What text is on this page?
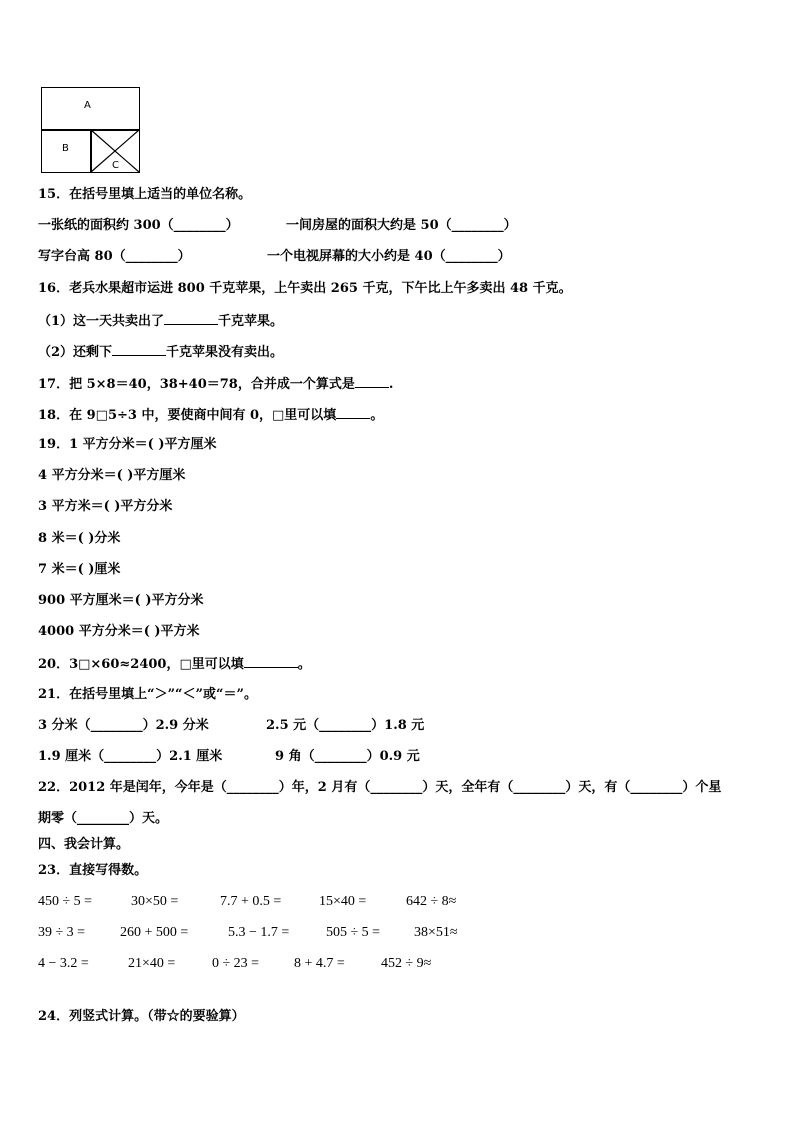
A
B
C
15．在括号里填上适当的单位名称。
一张纸的面积约 300（________）	一间房屋的面积大约是 50（________）
写字台高 80（________）	一个电视屏幕的大小约是 40（________）
16．老兵水果超市运进 800 千克苹果，上午卖出 265 千克，下午比上午多卖出 48 千克。
（1）这一天共卖出了	千克苹果。
（2）还剩下	千克苹果没有卖出。
17．把 5×8＝40，38+40＝78，合并成一个算式是	.
18．在 9□5÷3 中，要使商中间有 0，□里可以填	。
19．1 平方分米＝( )平方厘米
4 平方分米＝( )平方厘米
3 平方米＝( )平方分米
8 米＝( )分米
7 米＝( )厘米
900 平方厘米＝( )平方分米
4000 平方分米＝( )平方米
20．3□×60≈2400，□里可以填	。
21．在括号里填上“＞”“＜”或“＝”。
3 分米（________）2.9 分米	2.5 元（________）1.8 元
1.9 厘米（________）2.1 厘米	9 角（________）0.9 元
22．2012 年是闰年，今年是（________）年，2 月有（________）天，全年有（________）天，有（________）个星
期零（________）天。
四、我会计算。
23．直接写得数。
450 ÷ 5 =	30×50 =	7.7 + 0.5 =	15×40 =	642 ÷ 8≈
39 ÷ 3 = 260 + 500 =	5.3 − 1.7 =	505 ÷ 5 = 38×51≈
4 − 3.2 =	21×40 =	0 ÷ 23 = 8 + 4.7 =	452 ÷ 9≈
24．列竖式计算。（带☆的要验算）
